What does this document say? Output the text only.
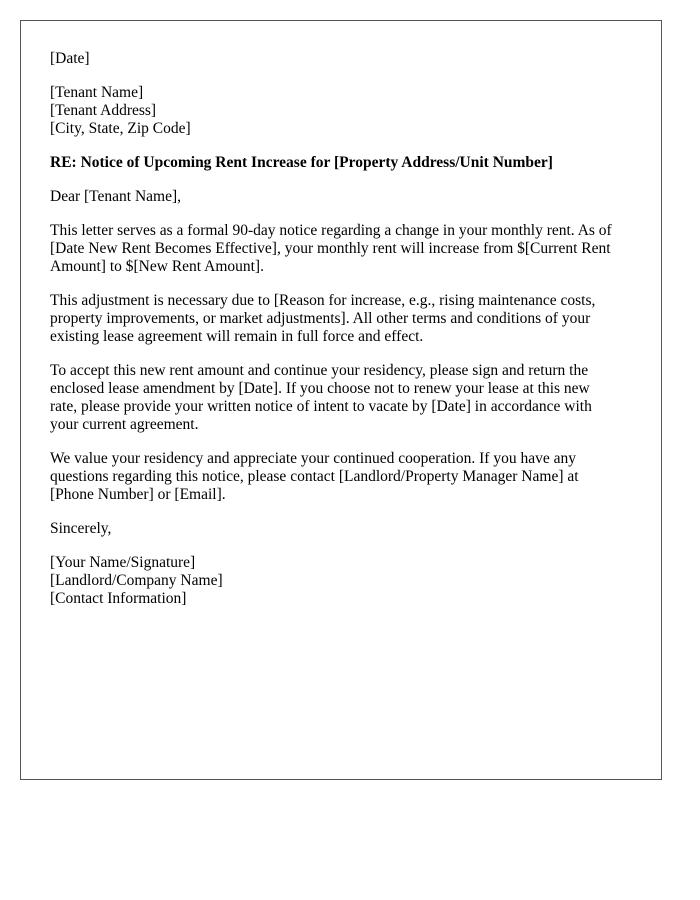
[Date]
[Tenant Name]
[Tenant Address]
[City, State, Zip Code]
RE: Notice of Upcoming Rent Increase for [Property Address/Unit Number]
Dear [Tenant Name],
This letter serves as a formal 90-day notice regarding a change in your monthly rent. As of
[Date New Rent Becomes Effective], your monthly rent will increase from $[Current Rent
Amount] to $[New Rent Amount].
This adjustment is necessary due to [Reason for increase, e.g., rising maintenance costs,
property improvements, or market adjustments]. All other terms and conditions of your
existing lease agreement will remain in full force and effect.
To accept this new rent amount and continue your residency, please sign and return the
enclosed lease amendment by [Date]. If you choose not to renew your lease at this new
rate, please provide your written notice of intent to vacate by [Date] in accordance with
your current agreement.
We value your residency and appreciate your continued cooperation. If you have any
questions regarding this notice, please contact [Landlord/Property Manager Name] at
[Phone Number] or [Email].
Sincerely,
[Your Name/Signature]
[Landlord/Company Name]
[Contact Information]
